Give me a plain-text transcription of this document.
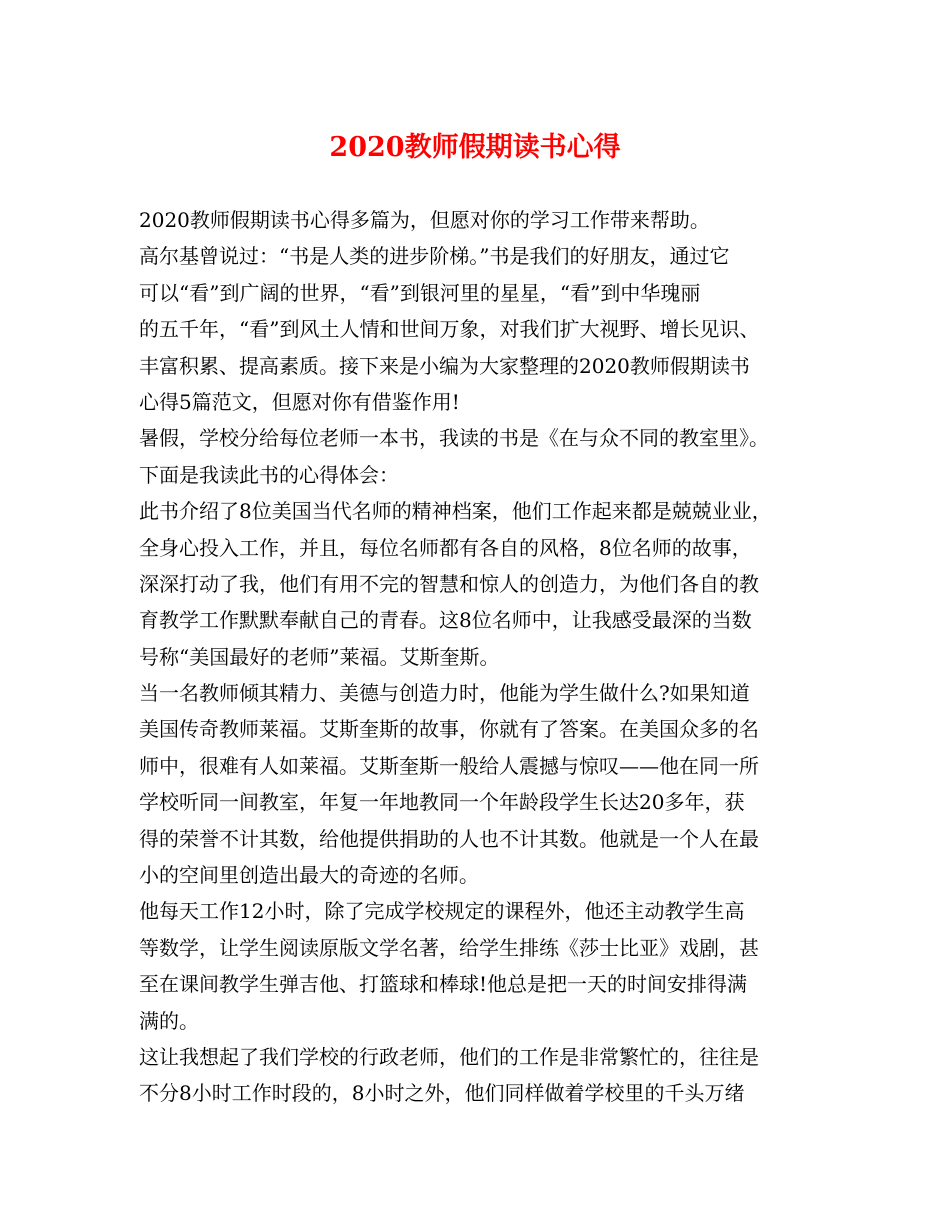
2020教师假期读书心得
2020教师假期读书心得多篇为，但愿对你的学习工作带来帮助。
高尔基曾说过：“书是人类的进步阶梯。”书是我们的好朋友，通过它
可以“看”到广阔的世界，“看”到银河里的星星，“看”到中华瑰丽
的五千年，“看”到风土人情和世间万象，对我们扩大视野、增长见识、
丰富积累、提高素质。接下来是小编为大家整理的2020教师假期读书
心得5篇范文，但愿对你有借鉴作用!
暑假，学校分给每位老师一本书，我读的书是《在与众不同的教室里》。
下面是我读此书的心得体会：
此书介绍了8位美国当代名师的精神档案，他们工作起来都是兢兢业业，
全身心投入工作，并且，每位名师都有各自的风格，8位名师的故事，
深深打动了我，他们有用不完的智慧和惊人的创造力，为他们各自的教
育教学工作默默奉献自己的青春。这8位名师中，让我感受最深的当数
号称“美国最好的老师”莱福。艾斯奎斯。
当一名教师倾其精力、美德与创造力时，他能为学生做什么?如果知道
美国传奇教师莱福。艾斯奎斯的故事，你就有了答案。在美国众多的名
师中，很难有人如莱福。艾斯奎斯一般给人震撼与惊叹——他在同一所
学校听同一间教室，年复一年地教同一个年龄段学生长达20多年，获
得的荣誉不计其数，给他提供捐助的人也不计其数。他就是一个人在最
小的空间里创造出最大的奇迹的名师。
他每天工作12小时，除了完成学校规定的课程外，他还主动教学生高
等数学，让学生阅读原版文学名著，给学生排练《莎士比亚》戏剧，甚
至在课间教学生弹吉他、打篮球和棒球!他总是把一天的时间安排得满
满的。
这让我想起了我们学校的行政老师，他们的工作是非常繁忙的，往往是
不分8小时工作时段的，8小时之外，他们同样做着学校里的千头万绪
